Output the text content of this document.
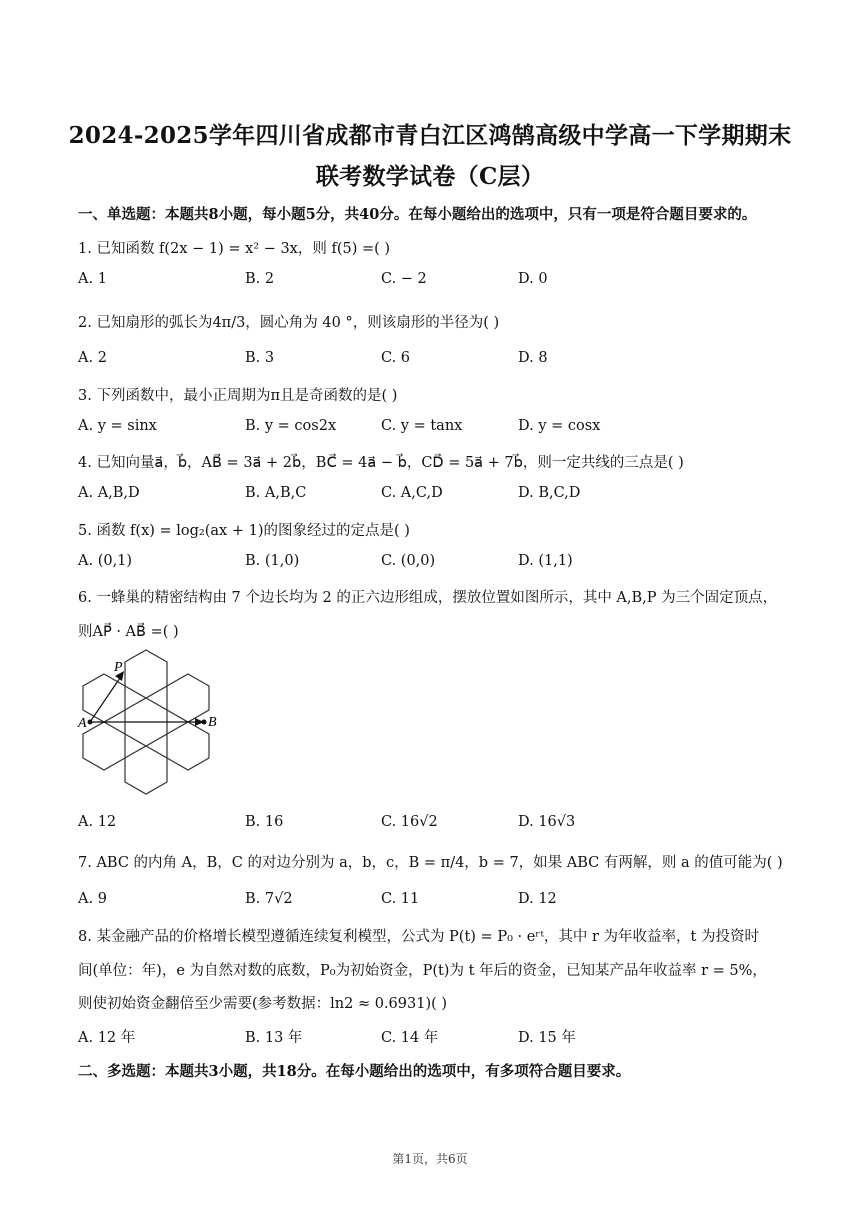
2024-2025学年四川省成都市青白江区鸿鹄高级中学高一下学期期末
联考数学试卷（C层）
一、单选题：本题共8小题，每小题5分，共40分。在每小题给出的选项中，只有一项是符合题目要求的。
1. 已知函数 f(2x − 1) = x² − 3x，则 f(5) =( )
A. 1	B. 2	C. − 2	D. 0
2. 已知扇形的弧长为4π/3，圆心角为 40 °，则该扇形的半径为( )
A. 2	B. 3	C. 6	D. 8
3. 下列函数中，最小正周期为π且是奇函数的是( )
A. y = sinx	B. y = cos2x	C. y = tanx	D. y = cosx
4. 已知向量a⃗，b⃗，AB⃗ = 3a⃗ + 2b⃗，BC⃗ = 4a⃗ − b⃗，CD⃗ = 5a⃗ + 7b⃗，则一定共线的三点是( )
A. A,B,D	B. A,B,C	C. A,C,D	D. B,C,D
5. 函数 f(x) = log₂(ax + 1)的图象经过的定点是( )
A. (0,1)	B. (1,0)	C. (0,0)	D. (1,1)
6. 一蜂巢的精密结构由 7 个边长均为 2 的正六边形组成，摆放位置如图所示，其中 A,B,P 为三个固定顶点，
则AP⃗ · AB⃗ =( )
A	B
P
A. 12	B. 16	C. 16√2	D. 16√3
7. ABC 的内角 A，B，C 的对边分别为 a，b，c，B = π/4，b = 7，如果 ABC 有两解，则 a 的值可能为( )
A. 9	B. 7√2	C. 11	D. 12
8. 某金融产品的价格增长模型遵循连续复利模型，公式为 P(t) = P₀ · eʳᵗ，其中 r 为年收益率，t 为投资时
间(单位：年)，e 为自然对数的底数，P₀为初始资金，P(t)为 t 年后的资金，已知某产品年收益率 r = 5%，
则使初始资金翻倍至少需要(参考数据：ln2 ≈ 0.6931)( )
A. 12 年	B. 13 年	C. 14 年	D. 15 年
二、多选题：本题共3小题，共18分。在每小题给出的选项中，有多项符合题目要求。
第1页，共6页
